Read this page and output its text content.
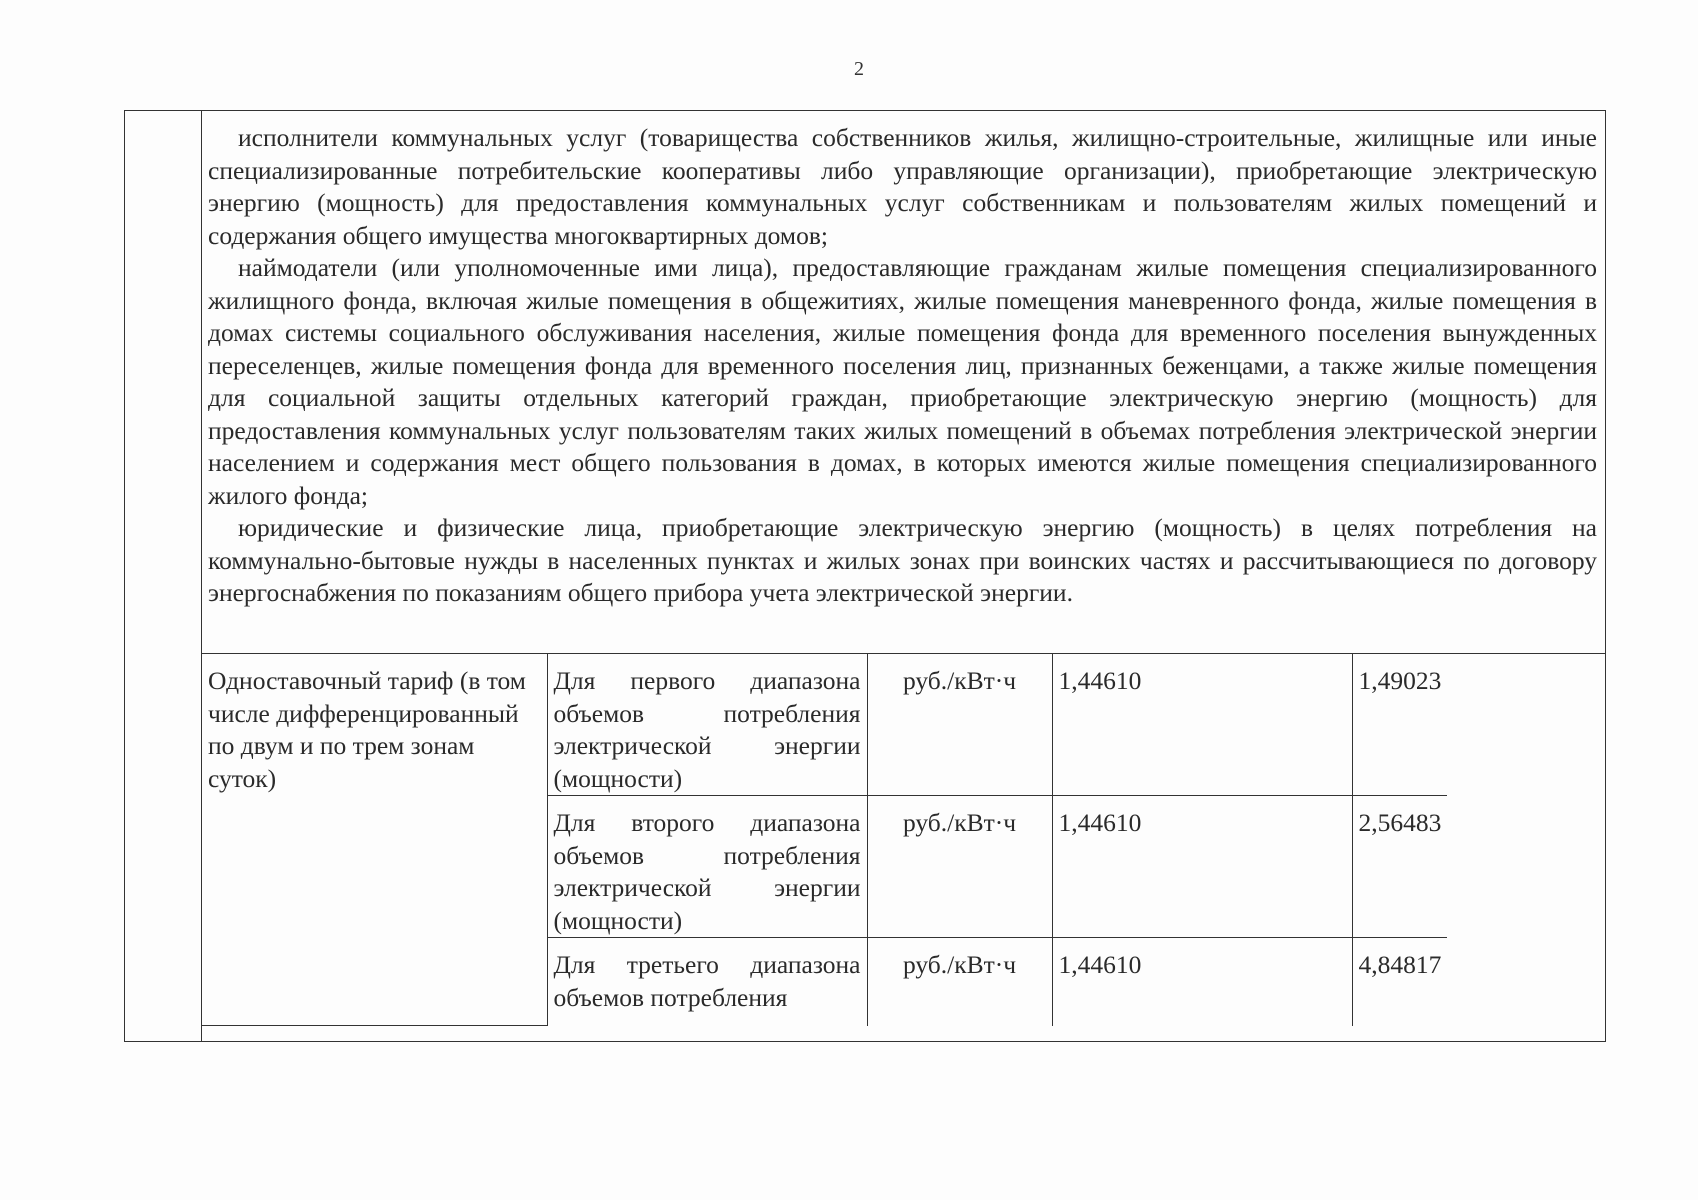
2

исполнители коммунальных услуг (товарищества собственников жилья, жилищно-строительные, жилищные или иные специализированные потребительские кооперативы либо управляющие организации), приобретающие электрическую энергию (мощность) для предоставления коммунальных услуг собственникам и пользователям жилых помещений и содержания общего имущества многоквартирных домов;

наймодатели (или уполномоченные ими лица), предоставляющие гражданам жилые помещения специализированного жилищного фонда, включая жилые помещения в общежитиях, жилые помещения маневренного фонда, жилые помещения в домах системы социального обслуживания населения, жилые помещения фонда для временного поселения вынужденных переселенцев, жилые помещения фонда для временного поселения лиц, признанных беженцами, а также жилые помещения для социальной защиты отдельных категорий граждан, приобретающие электрическую энергию (мощность) для предоставления коммунальных услуг пользователям таких жилых помещений в объемах потребления электрической энергии населением и содержания мест общего пользования в домах, в которых имеются жилые помещения специализированного жилого фонда;

юридические и физические лица, приобретающие электрическую энергию (мощность) в целях потребления на коммунально-бытовые нужды в населенных пунктах и жилых зонах при воинских частях и рассчитывающиеся по договору энергоснабжения по показаниям общего прибора учета электрической энергии.

Одноставочный тариф (в том числе дифференцированный по двум и по трем зонам суток)	Для первого диапазона объемов потребления электрической энергии (мощности)	руб./кВт·ч	1,44610	1,49023
	Для второго диапазона объемов потребления электрической энергии (мощности)	руб./кВт·ч	1,44610	2,56483
	Для третьего диапазона объемов потребления	руб./кВт·ч	1,44610	4,84817
